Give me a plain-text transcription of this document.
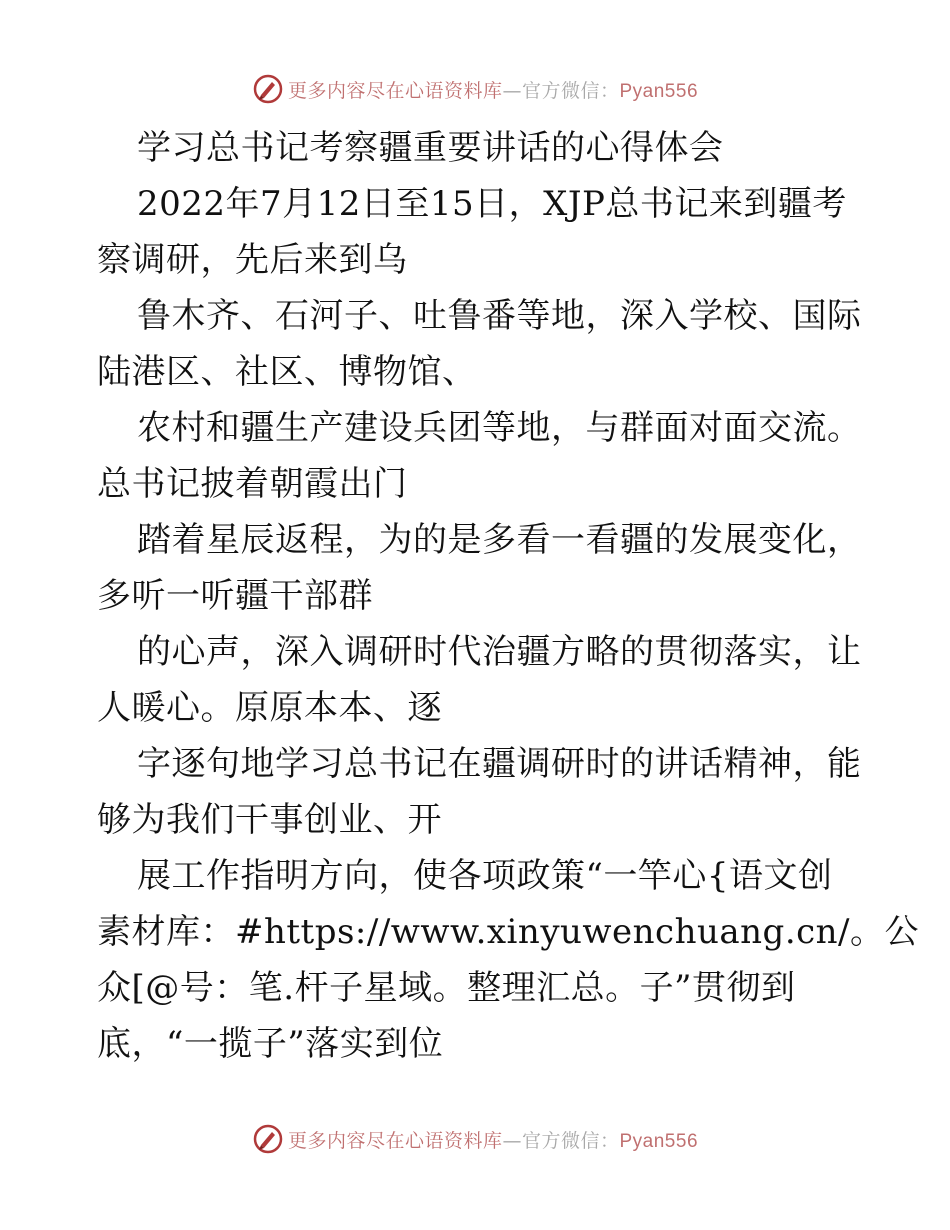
更多内容尽在心语资料库—官方微信：Pyan556
学习总书记考察疆重要讲话的心得体会
2022年7月12日至15日，XJP总书记来到疆考
察调研，先后来到乌
鲁木齐、石河子、吐鲁番等地，深入学校、国际
陆港区、社区、博物馆、
农村和疆生产建设兵团等地，与群面对面交流。
总书记披着朝霞出门
踏着星辰返程，为的是多看一看疆的发展变化，
多听一听疆干部群
的心声，深入调研时代治疆方略的贯彻落实，让
人暖心。原原本本、逐
字逐句地学习总书记在疆调研时的讲话精神，能
够为我们干事创业、开
展工作指明方向，使各项政策“一竿心{语文创
素材库：#https://www.xinyuwenchuang.cn/。公
众[@号：笔.杆子星域。整理汇总。子”贯彻到
底，“一揽子”落实到位
更多内容尽在心语资料库—官方微信：Pyan556
